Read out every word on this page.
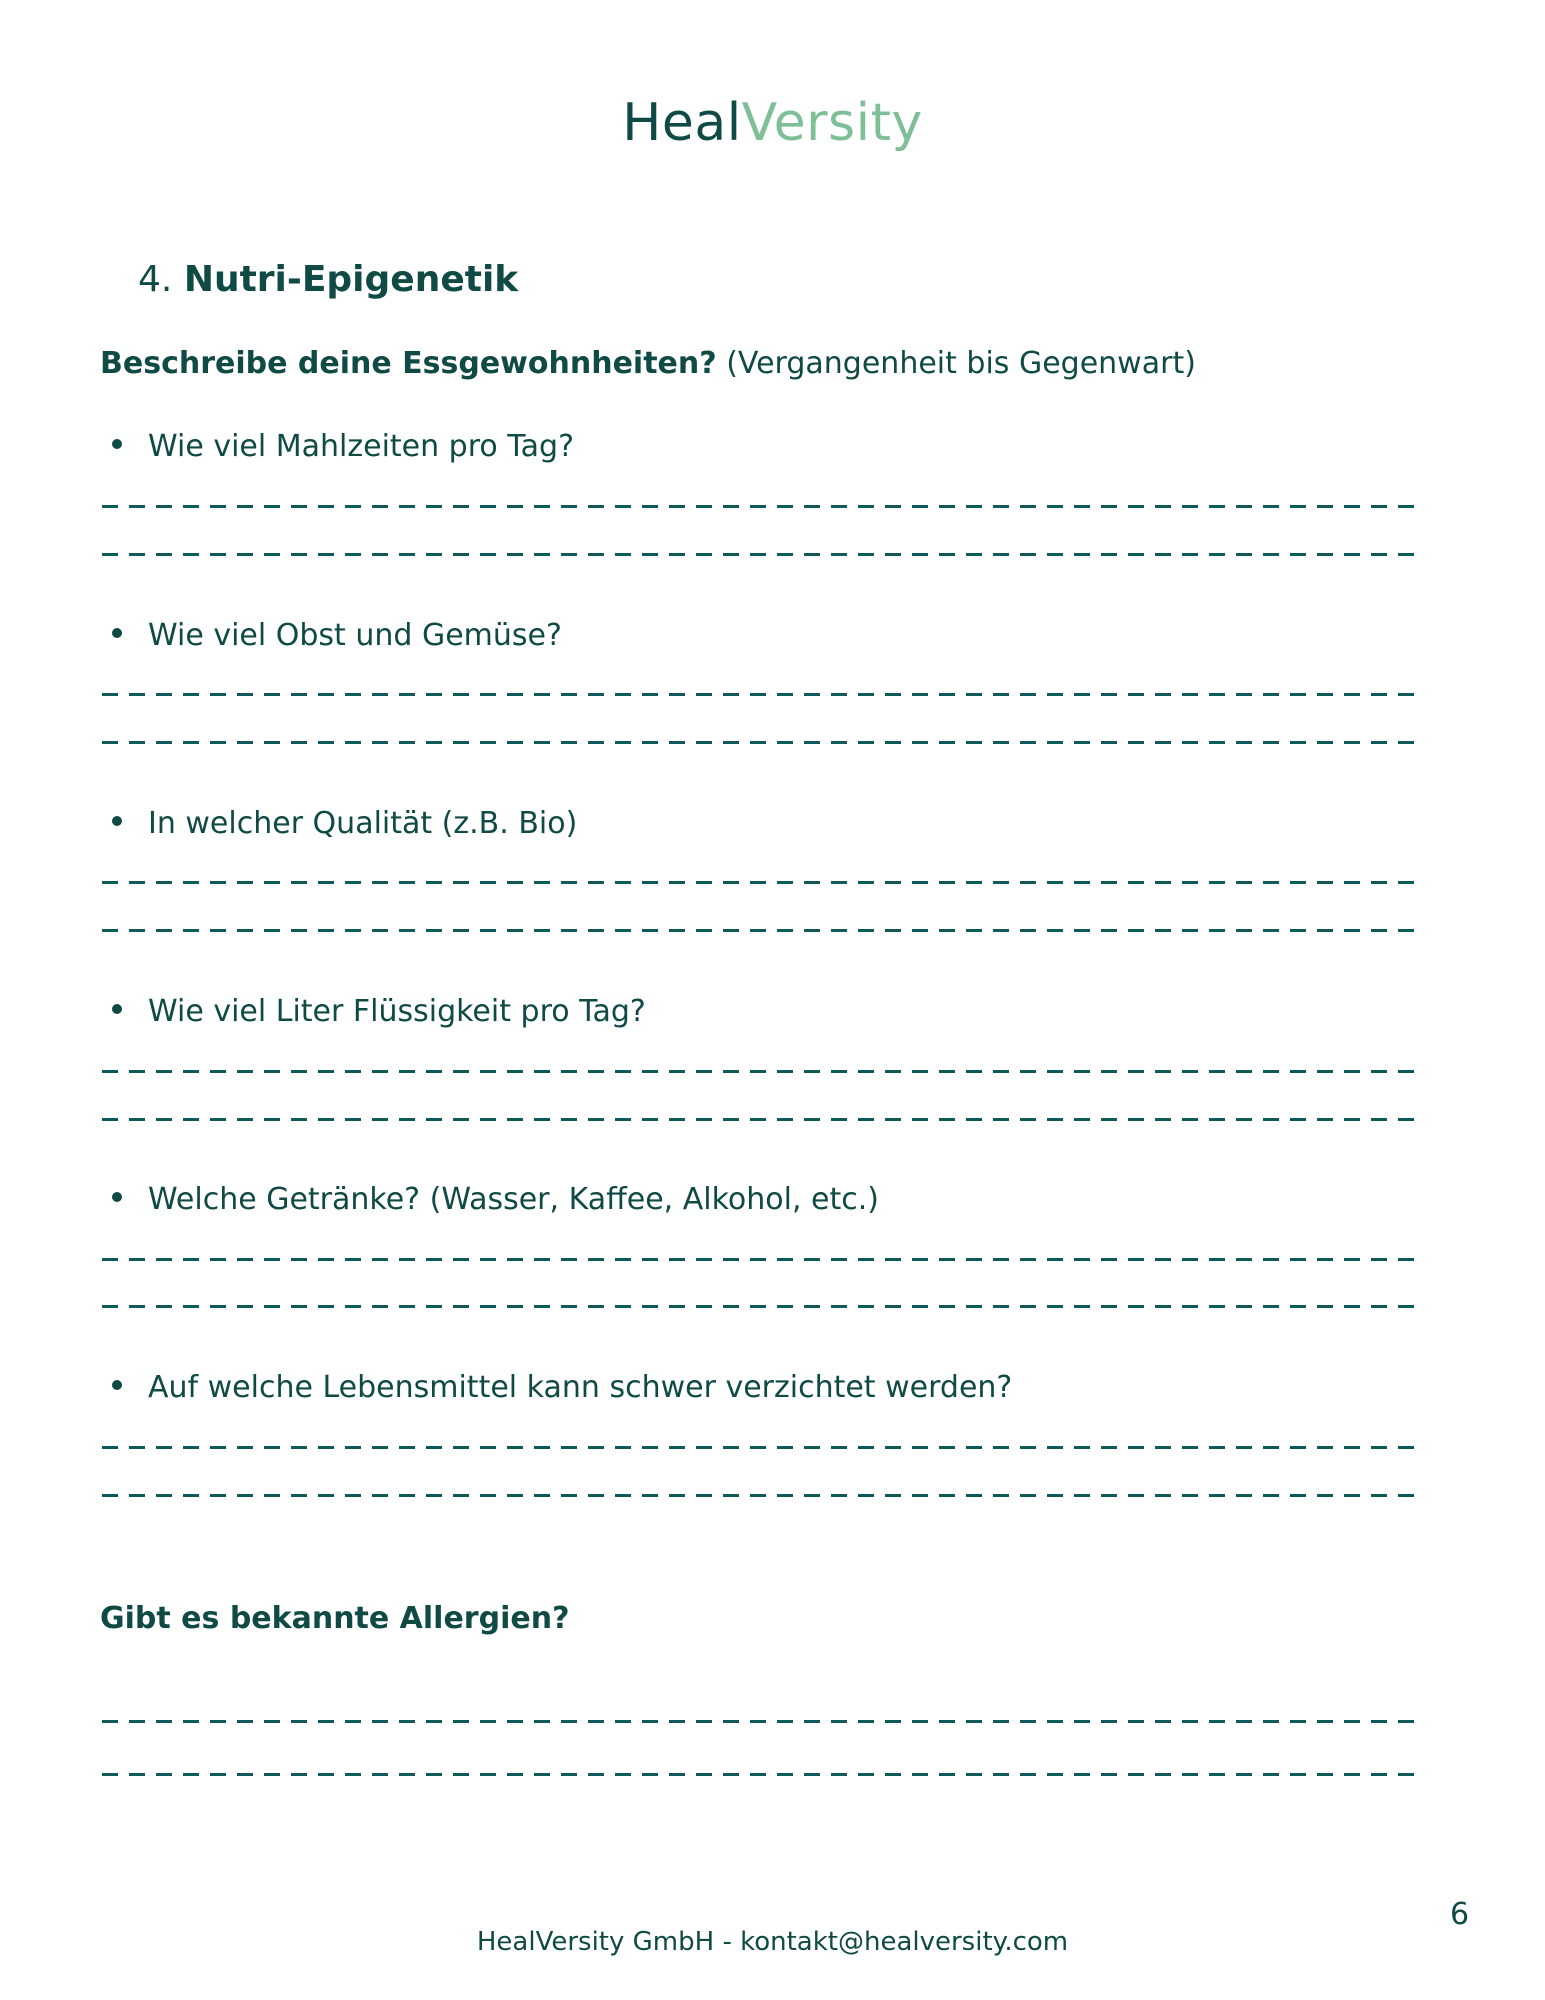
HealVersity
4. Nutri-Epigenetik
Beschreibe deine Essgewohnheiten? (Vergangenheit bis Gegenwart)
Wie viel Mahlzeiten pro Tag?
Wie viel Obst und Gemüse?
In welcher Qualität (z.B. Bio)
Wie viel Liter Flüssigkeit pro Tag?
Welche Getränke? (Wasser, Kaffee, Alkohol, etc.)
Auf welche Lebensmittel kann schwer verzichtet werden?
Gibt es bekannte Allergien?
6
HealVersity GmbH - kontakt@healversity.com
